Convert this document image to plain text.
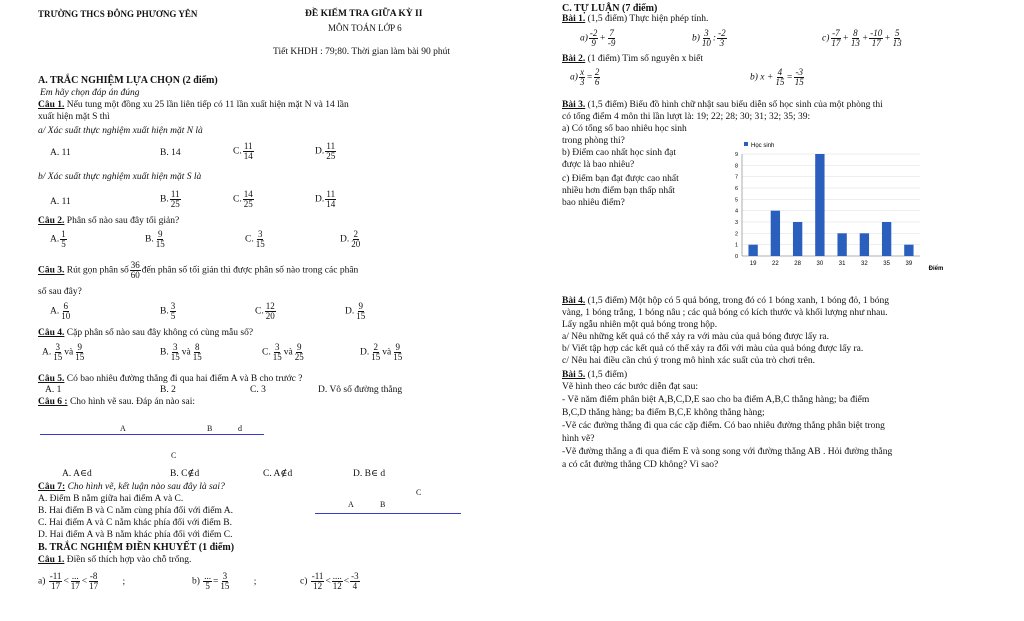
TRƯỜNG THCS ĐÔNG PHƯƠNG YÊN	ĐỀ KIỂM TRA GIỮA KỲ II
MÔN TOÁN LỚP 6
Tiết KHDH : 79;80. Thời gian làm bài 90 phút
A. TRẮC NGHIỆM LỰA CHỌN (2 điểm)
Em hãy chọn đáp án đúng
Câu 1. Nếu tung một đồng xu 25 lần liên tiếp có 11 lần xuất hiện mặt N và 14 lần
xuất hiện mặt S thì
a/ Xác suất thực nghiệm xuất hiện mặt N là
A. 11	B. 14	C. $\frac{11}{14}$	D. $\frac{11}{25}$
b/ Xác suất thực nghiệm xuất hiện mặt S là
A. 11	B. $\frac{11}{25}$	C. $\frac{14}{25}$	D. $\frac{11}{14}$
Câu 2. Phân số nào sau đây tối giản?
A. $\frac{1}{5}$	B. $\frac{9}{15}$	C. $\frac{3}{15}$	D. $\frac{2}{20}$
Câu 3. Rút gọn phân số $\frac{36}{60}$ đến phân số tối giản thì được phân số nào trong các phân
số sau đây?
A. $\frac{6}{10}$	B. $\frac{3}{5}$	C. $\frac{12}{20}$	D. $\frac{9}{15}$
Câu 4. Cặp phân số nào sau đây không có cùng mẫu số?
A. $\frac{3}{15}$ và $\frac{9}{15}$	B. $\frac{3}{15}$ và $\frac{8}{15}$	C. $\frac{3}{15}$ và $\frac{9}{25}$	D. $\frac{2}{15}$ và $\frac{9}{15}$
Câu 5. Có bao nhiêu đường thẳng đi qua hai điểm A và B cho trước ?
A. 1	B. 2	C. 3	D. Vô số đường thẳng
Câu 6 : Cho hình vẽ sau. Đáp án nào sai:
A	B	d
C
A. A∈d	B. C∉d	C. A∉d	D. B∈ d
Câu 7: Cho hình vẽ, kết luận nào sau đây là sai?
A. Điểm B nằm giữa hai điểm A và C.
B. Hai điểm B và C nằm cùng phía đối với điểm A.
C. Hai điểm A và C nằm khác phía đối với điểm B.
D. Hai điểm A và B nằm khác phía đối với điểm C.
A	B
C
B. TRẮC NGHIỆM ĐIỀN KHUYẾT (1 điểm)
Câu 1. Điền số thích hợp vào chỗ trống.
$a) \frac{-11}{17} < \frac{...}{17} < \frac{-8}{17}$ ;	$b) \frac{...}{5} = \frac{3}{15}$ ;	$c) \frac{-11}{12} < \frac{....}{12} < \frac{-3}{4}$
C. TỰ LUẬN (7 điểm)
Bài 1. (1,5 điểm) Thực hiện phép tính.
$a) \frac{-2}{9} + \frac{7}{-9}$	$b) \frac{3}{10}$ : $\frac{-2}{3}$	$c) \frac{-7}{17} + \frac{8}{13} + \frac{-10}{17} + \frac{5}{13}$
Bài 2. (1 điểm) Tìm số nguyên x biết
$a) \frac{x}{3} = \frac{2}{6}$	b) $x + \frac{4}{15} = \frac{-3}{15}$
Bài 3. (1,5 điểm) Biểu đồ hình chữ nhật sau biểu diễn số học sinh của một phòng thi
có tổng điểm 4 môn thi lần lượt là: 19; 22; 28; 30; 31; 32; 35; 39:
a) Có tổng số bao nhiêu học sinh
trong phòng thi?
b) Điểm cao nhất học sinh đạt
được là bao nhiêu?
c) Điểm bạn đạt được cao nhất
nhiều hơn điểm bạn thấp nhất
bao nhiêu điểm?
Học sinh
0
1
2
3
4
5
6
7
8
9
19	22	28	30	31	32	35	39
Điểm
Bài 4. (1,5 điểm) Một hộp có 5 quả bóng, trong đó có 1 bóng xanh, 1 bóng đỏ, 1 bóng
vàng, 1 bóng trắng, 1 bóng nâu ; các quả bóng có kích thước và khối lượng như nhau.
Lấy ngẫu nhiên một quả bóng trong hộp.
a/ Nêu những kết quả có thể xảy ra với màu của quả bóng được lấy ra.
b/ Viết tập hợp các kết quả có thể xảy ra đối với màu của quả bóng được lấy ra.
c/ Nêu hai điều cần chú ý trong mô hình xác suất của trò chơi trên.
Bài 5. (1,5 điểm)
Vẽ hình theo các bước diễn đạt sau:
- Vẽ năm điểm phân biệt A,B,C,D,E sao cho ba điểm A,B,C thẳng hàng; ba điểm
B,C,D thẳng hàng; ba điểm B,C,E không thẳng hàng;
-Vẽ các đường thẳng đi qua các cặp điểm. Có bao nhiêu đường thẳng phân biệt trong
hình vẽ?
-Vẽ đường thẳng a đi qua điểm E và song song với đường thẳng AB . Hỏi đường thẳng
a có cắt đường thẳng CD không? Vì sao?
